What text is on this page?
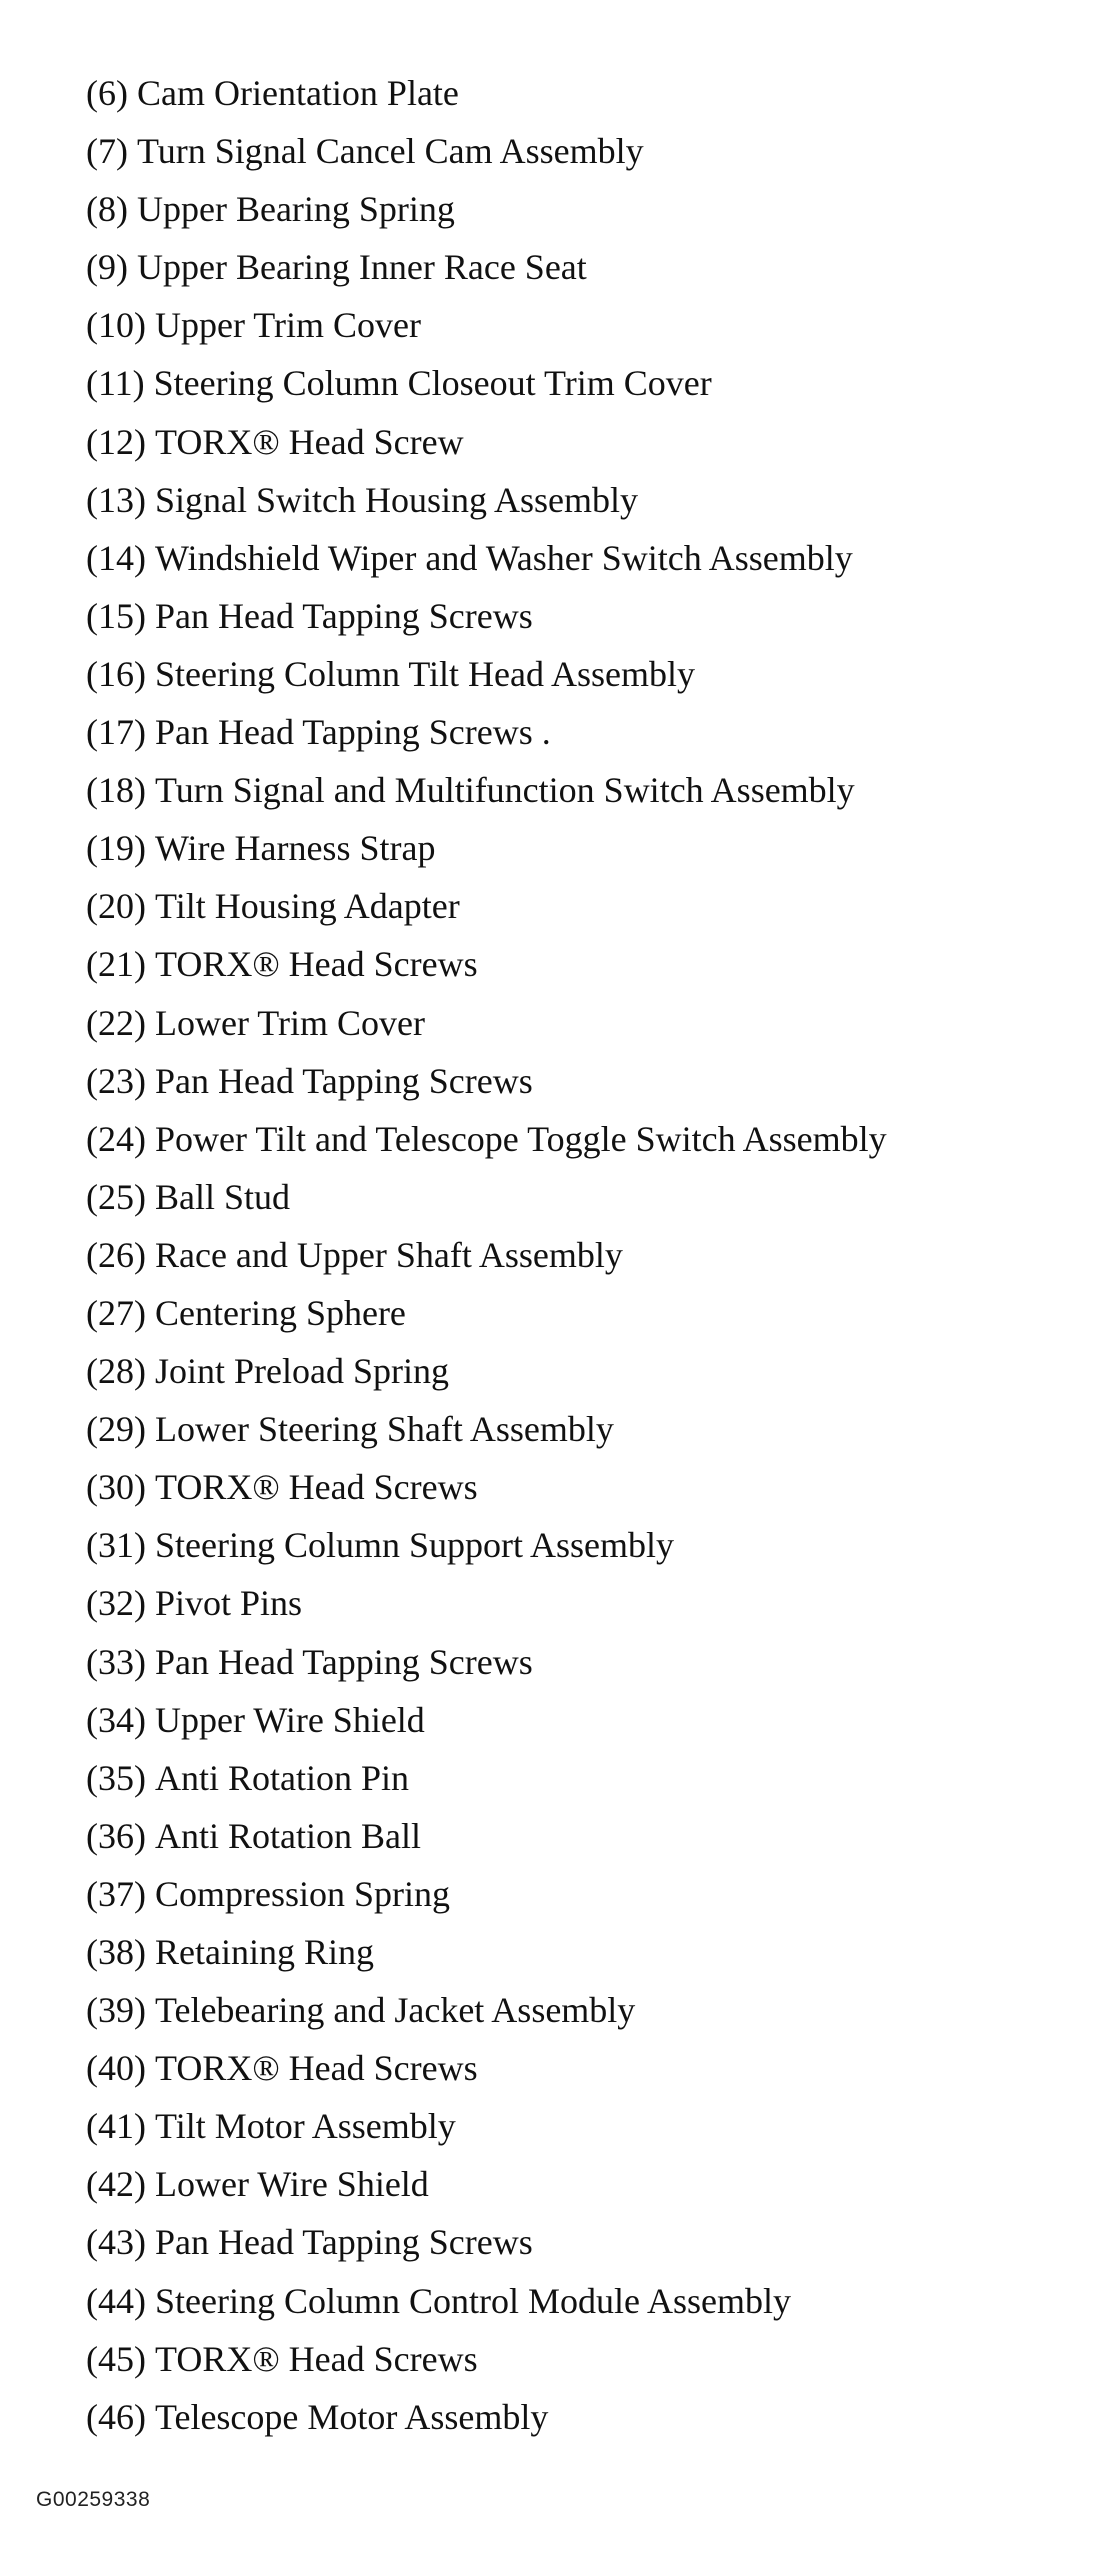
(6) Cam Orientation Plate
(7) Turn Signal Cancel Cam Assembly
(8) Upper Bearing Spring
(9) Upper Bearing Inner Race Seat
(10) Upper Trim Cover
(11) Steering Column Closeout Trim Cover
(12) TORX® Head Screw
(13) Signal Switch Housing Assembly
(14) Windshield Wiper and Washer Switch Assembly
(15) Pan Head Tapping Screws
(16) Steering Column Tilt Head Assembly
(17) Pan Head Tapping Screws .
(18) Turn Signal and Multifunction Switch Assembly
(19) Wire Harness Strap
(20) Tilt Housing Adapter
(21) TORX® Head Screws
(22) Lower Trim Cover
(23) Pan Head Tapping Screws
(24) Power Tilt and Telescope Toggle Switch Assembly
(25) Ball Stud
(26) Race and Upper Shaft Assembly
(27) Centering Sphere
(28) Joint Preload Spring
(29) Lower Steering Shaft Assembly
(30) TORX® Head Screws
(31) Steering Column Support Assembly
(32) Pivot Pins
(33) Pan Head Tapping Screws
(34) Upper Wire Shield
(35) Anti Rotation Pin
(36) Anti Rotation Ball
(37) Compression Spring
(38) Retaining Ring
(39) Telebearing and Jacket Assembly
(40) TORX® Head Screws
(41) Tilt Motor Assembly
(42) Lower Wire Shield
(43) Pan Head Tapping Screws
(44) Steering Column Control Module Assembly
(45) TORX® Head Screws
(46) Telescope Motor Assembly
G00259338
